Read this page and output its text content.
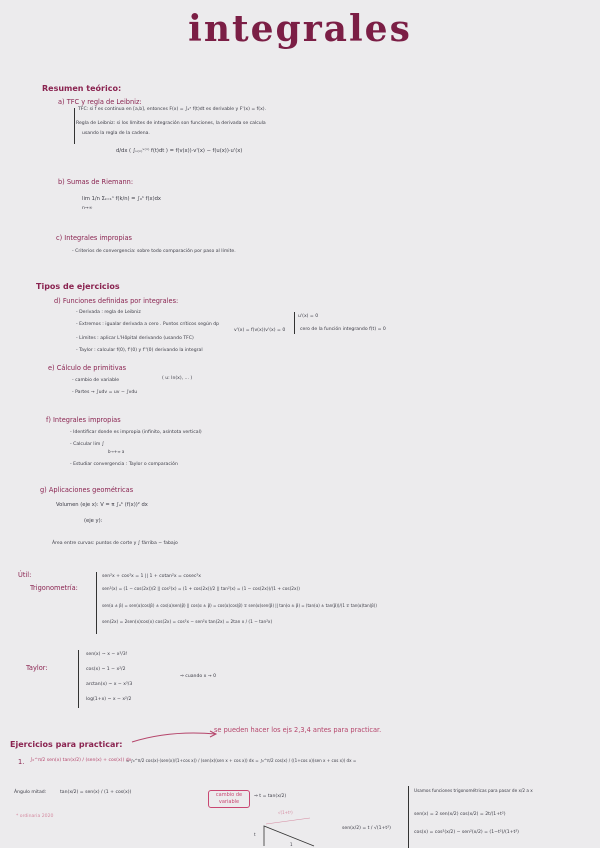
integrales
Resumen teórico:
a) TFC y regla de Leibniz:
TFC: si f es continua en [a,b], entonces F(x) = ∫ₐˣ f(t)dt es derivable y F'(x) = f(x).
Regla de Leibniz: si los límites de integración son funciones, la derivada se calcula
usando la regla de la cadena.
d/dx ( ∫ᵤ₍ₓ₎ᵛ⁽ˣ⁾ f(t)dt ) = f(v(x))·v'(x) − f(u(x))·u'(x)
b) Sumas de Riemann:
lim 1/n Σₖ₌₁ⁿ f(k/n) = ∫₀¹ f(x)dx
n→∞
c) Integrales impropias
- Criterios de convergencia: sobre todo comparación por paso al límite.
Tipos de ejercicios
d) Funciones definidas por integrales:
- Derivada : regla de Leibniz
- Extremos : igualar derivada a cero . Puntos críticos según dp
- Límites : aplicar L'Hôpital derivando (usando TFC)
- Taylor : calcular f(0), f'(0) y f''(0) derivando la integral
u'(x) = 0
v'(x) = f(v(x))v'(x) = 0	cero de la función integrando f(t) = 0
e) Cálculo de primitivas
- cambio de variable	( u: ln(x), ... )
- Partes → ∫udv = uv − ∫vdu
f) Integrales impropias
- Identificar donde es impropia (infinito, asíntota vertical)
- Calcular lim ∫
b→+∞ a
- Estudiar convergencia : Taylor o comparación
g) Aplicaciones geométricas
Volumen (eje x): V = π ∫ₐᵇ (f(x))² dx
(eje y):
Área entre curvas: puntos de corte y ∫ fárriba − fabajo
Útil:
Trigonometría:
sen²x + cos²x = 1 || 1 + cotan²x = cosec²x
sen²(x) = (1 − cos(2x))/2 || cos²(x) = (1 + cos(2x))/2 || tan²(x) = (1 − cos(2x))/(1 + cos(2x))
sen(α ± β) = sen(α)cos(β) ± cos(α)sen(β) || cos(α ± β) = cos(α)cos(β) ∓ sen(α)sen(β) || tan(α ± β) = (tan(α) ± tan(β))/(1 ∓ tan(α)tan(β))
sen(2x) = 2sen(x)cos(x) cos(2x) = cos²x − sen²x tan(2x) = 2tan x / (1 − tan²x)
Taylor:
sen(x) ~ x − x³/3!
cos(x) ~ 1 − x²/2
arctan(x) ~ x − x³/3
log(1+x) ~ x − x²/2
⇒ cuando x → 0
Ejercicios para practicar:
se pueden hacer los ejs 2,3,4 antes para practicar.
1. ∫₀^π/2 sen(x) tan(x/2) / (sen(x) + cos(x)) dx
= ∫₀^π/2 cos(x)·(sen(x)/(1+cos x)) / (sen(x)(sen x + cos x)) dx = ∫₀^π/2 cos(x) / ((1+cos x)(sen x + cos x)) dx =
Ángulo mitad:	tan(x/2) = sen(x) / (1 + cos(x))	cambio de variable
⇒ t = tan(x/2)
Usamos funciones trigonométricas para pasar de x/2 a x
sen(x) = 2 sen(x/2) cos(x/2) = 2t/(1+t²)
cos(x) = cos²(x/2) − sen²(x/2) = (1−t²)/(1+t²)
* ordinaria 2020
√(1+t²)
t
1
sen(x/2) = t / √(1+t²)
